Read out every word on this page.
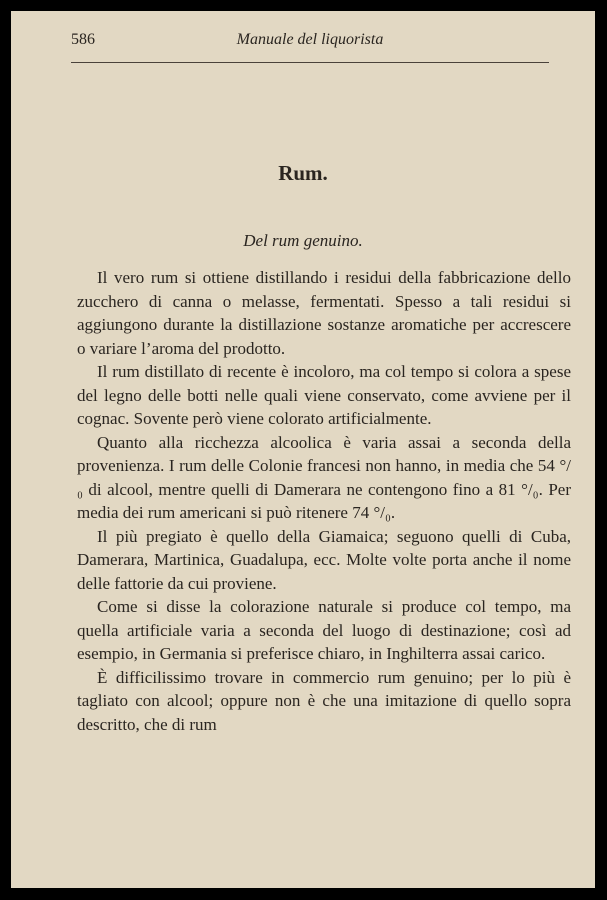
586	Manuale del liquorista
Rum.
Del rum genuino.

Il vero rum si ottiene distillando i residui della fabbricazione dello zucchero di canna o melasse, fermentati. Spesso a tali residui si aggiungono durante la distillazione sostanze aromatiche per accrescere o variare l’aroma del prodotto.

Il rum distillato di recente è incoloro, ma col tempo si colora a spese del legno delle botti nelle quali viene conservato, come avviene per il cognac. Sovente però viene colorato artificialmente.

Quanto alla ricchezza alcoolica è varia assai a seconda della provenienza. I rum delle Colonie francesi non hanno, in media che 54 °/₀ di alcool, mentre quelli di Damerara ne contengono fino a 81 °/₀. Per media dei rum americani si può ritenere 74 °/₀.

Il più pregiato è quello della Giamaica; seguono quelli di Cuba, Damerara, Martinica, Guadalupa, ecc. Molte volte porta anche il nome delle fattorie da cui proviene.

Come si disse la colorazione naturale si produce col tempo, ma quella artificiale varia a seconda del luogo di destinazione; così ad esempio, in Germania si preferisce chiaro, in Inghilterra assai carico.

È difficilissimo trovare in commercio rum genuino; per lo più è tagliato con alcool; oppure non è che una imitazione di quello sopra descritto, che di rum
